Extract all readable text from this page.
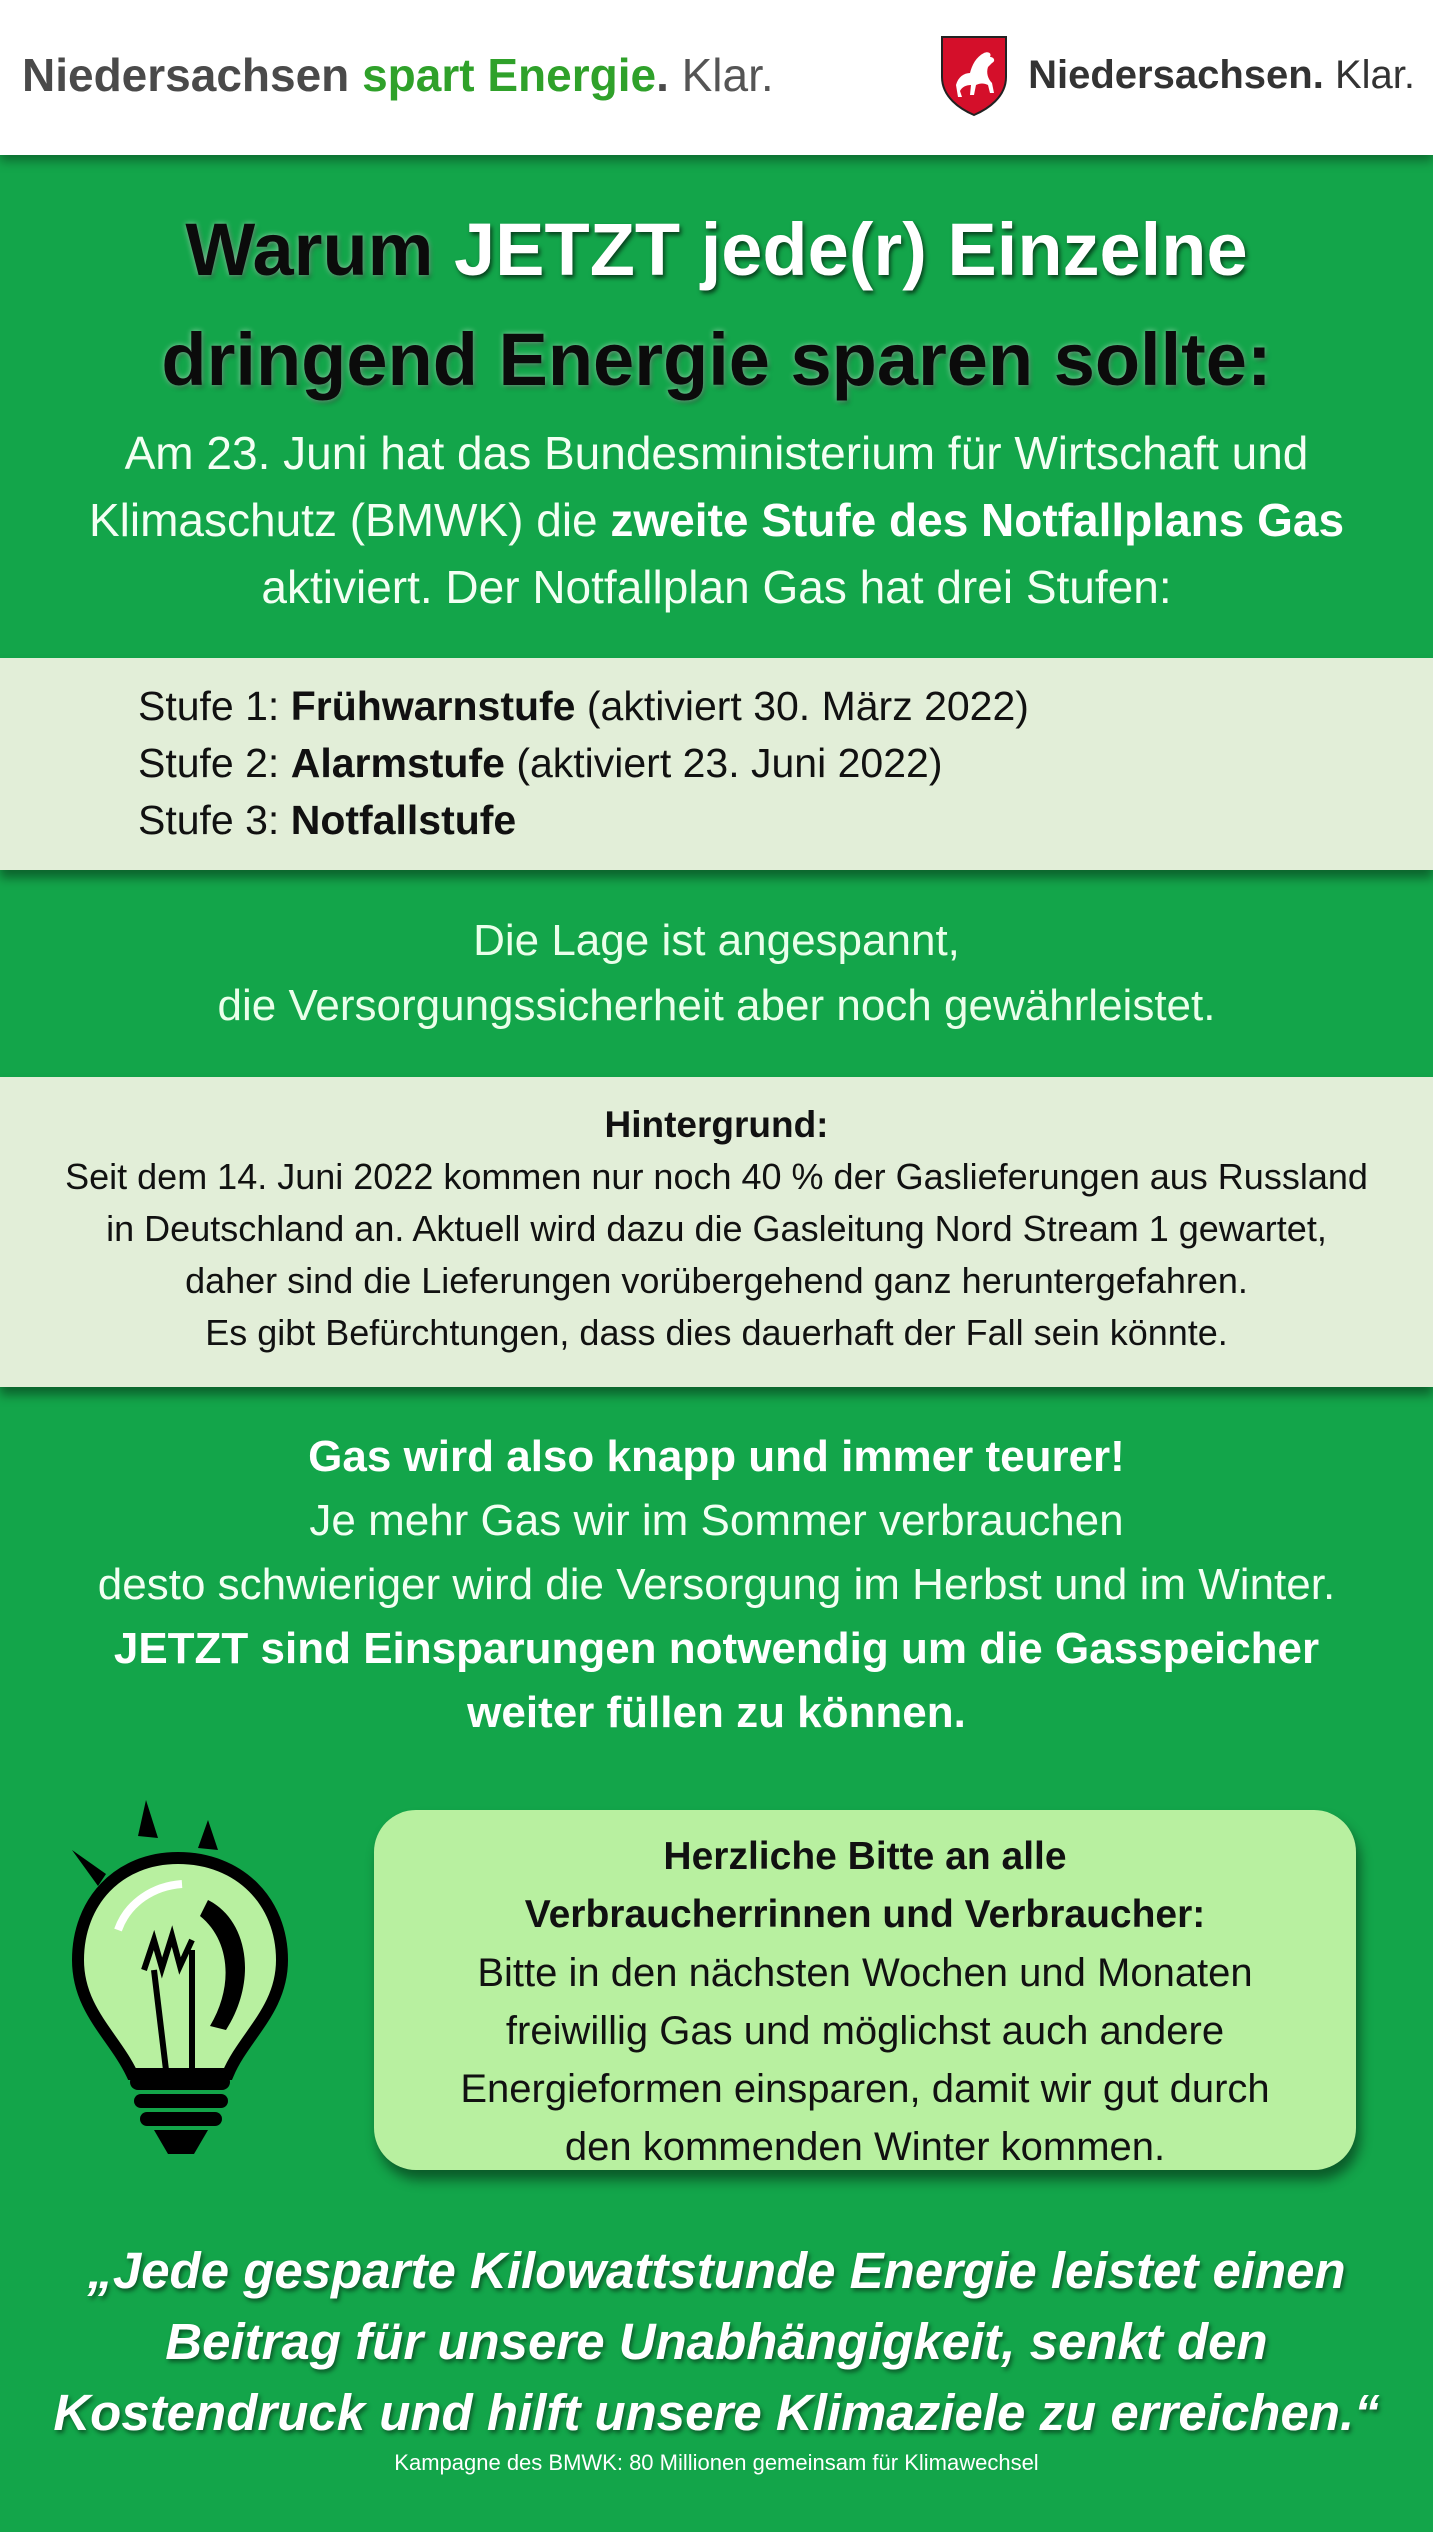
Niedersachsen spart Energie. Klar.	Niedersachsen. Klar.
Warum JETZT jede(r) Einzelne
dringend Energie sparen sollte:
Am 23. Juni hat das Bundesministerium für Wirtschaft und
Klimaschutz (BMWK) die zweite Stufe des Notfallplans Gas
aktiviert. Der Notfallplan Gas hat drei Stufen:
Stufe 1: Frühwarnstufe (aktiviert 30. März 2022)
Stufe 2: Alarmstufe (aktiviert 23. Juni 2022)
Stufe 3: Notfallstufe
Die Lage ist angespannt,
die Versorgungssicherheit aber noch gewährleistet.
Hintergrund:
Seit dem 14. Juni 2022 kommen nur noch 40 % der Gaslieferungen aus Russland
in Deutschland an. Aktuell wird dazu die Gasleitung Nord Stream 1 gewartet,
daher sind die Lieferungen vorübergehend ganz heruntergefahren.
Es gibt Befürchtungen, dass dies dauerhaft der Fall sein könnte.
Gas wird also knapp und immer teurer!
Je mehr Gas wir im Sommer verbrauchen
desto schwieriger wird die Versorgung im Herbst und im Winter.
JETZT sind Einsparungen notwendig um die Gasspeicher
weiter füllen zu können.
Herzliche Bitte an alle
Verbraucherrinnen und Verbraucher:
Bitte in den nächsten Wochen und Monaten
freiwillig Gas und möglichst auch andere
Energieformen einsparen, damit wir gut durch
den kommenden Winter kommen.
„Jede gesparte Kilowattstunde Energie leistet einen
Beitrag für unsere Unabhängigkeit, senkt den
Kostendruck und hilft unsere Klimaziele zu erreichen.“
Kampagne des BMWK: 80 Millionen gemeinsam für Klimawechsel
